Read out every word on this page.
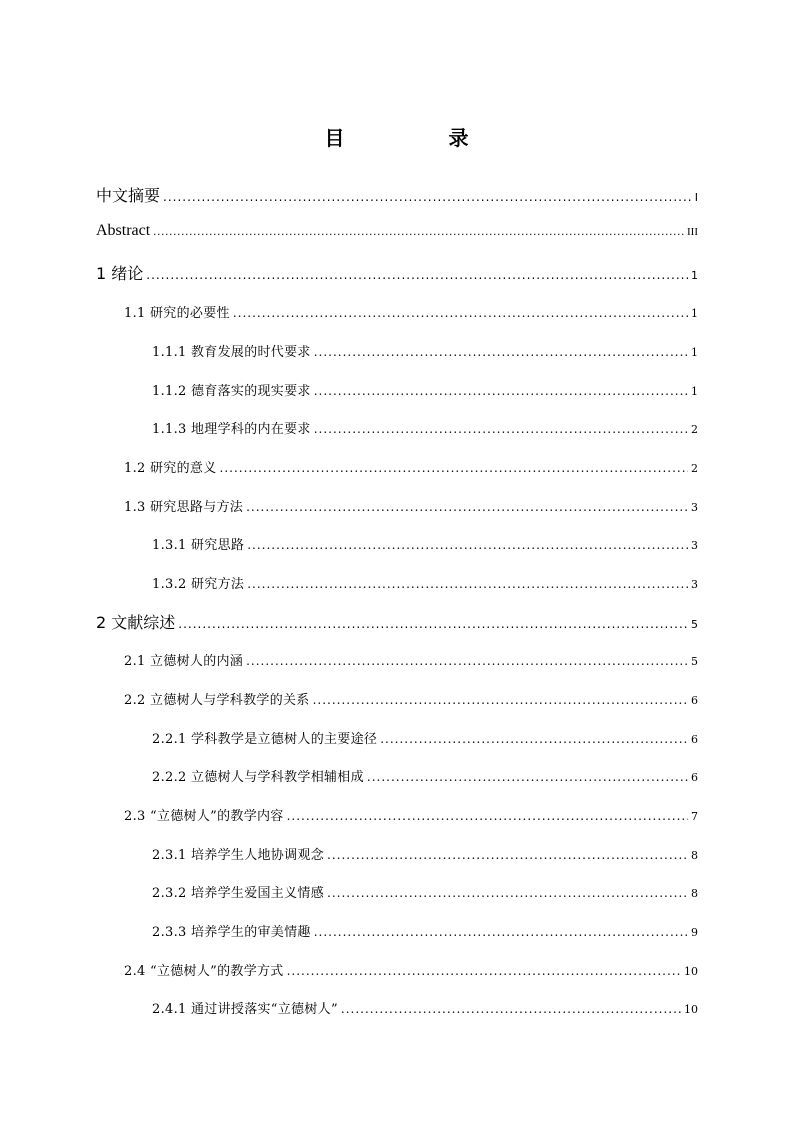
目　录
中文摘要 .....	I
Abstract .....	III
1 绪论 .....	1
1.1 研究的必要性 .....	1
1.1.1 教育发展的时代要求 .....	1
1.1.2 德育落实的现实要求 .....	1
1.1.3 地理学科的内在要求 .....	2
1.2 研究的意义 .....	2
1.3 研究思路与方法 .....	3
1.3.1 研究思路 .....	3
1.3.2 研究方法 .....	3
2 文献综述 .....	5
2.1 立德树人的内涵 .....	5
2.2 立德树人与学科教学的关系 .....	6
2.2.1 学科教学是立德树人的主要途径 .....	6
2.2.2 立德树人与学科教学相辅相成 .....	6
2.3 “立德树人”的教学内容 .....	7
2.3.1 培养学生人地协调观念 .....	8
2.3.2 培养学生爱国主义情感 .....	8
2.3.3 培养学生的审美情趣 .....	9
2.4 “立德树人”的教学方式 .....	10
2.4.1 通过讲授落实“立德树人” .....	10
